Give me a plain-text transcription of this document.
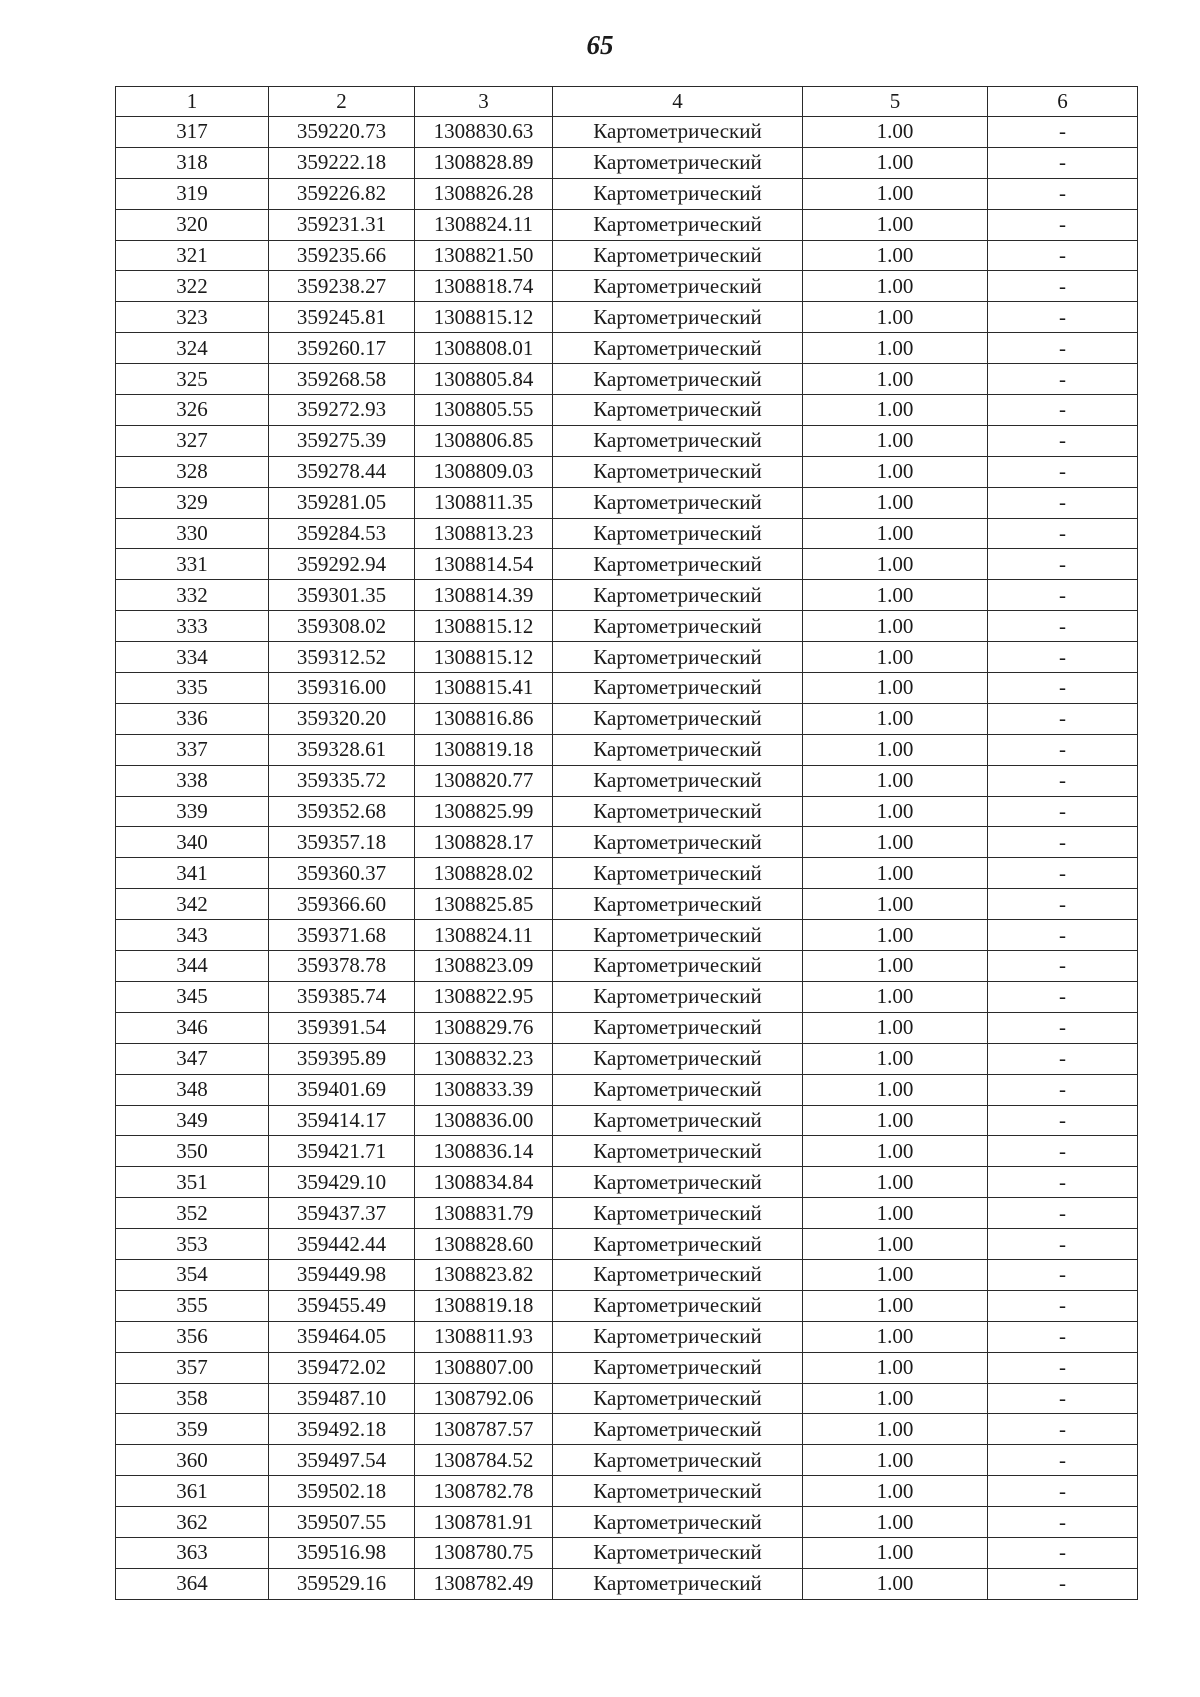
65
1	2	3	4	5	6
317	359220.73	1308830.63	Картометрический	1.00	-
318	359222.18	1308828.89	Картометрический	1.00	-
319	359226.82	1308826.28	Картометрический	1.00	-
320	359231.31	1308824.11	Картометрический	1.00	-
321	359235.66	1308821.50	Картометрический	1.00	-
322	359238.27	1308818.74	Картометрический	1.00	-
323	359245.81	1308815.12	Картометрический	1.00	-
324	359260.17	1308808.01	Картометрический	1.00	-
325	359268.58	1308805.84	Картометрический	1.00	-
326	359272.93	1308805.55	Картометрический	1.00	-
327	359275.39	1308806.85	Картометрический	1.00	-
328	359278.44	1308809.03	Картометрический	1.00	-
329	359281.05	1308811.35	Картометрический	1.00	-
330	359284.53	1308813.23	Картометрический	1.00	-
331	359292.94	1308814.54	Картометрический	1.00	-
332	359301.35	1308814.39	Картометрический	1.00	-
333	359308.02	1308815.12	Картометрический	1.00	-
334	359312.52	1308815.12	Картометрический	1.00	-
335	359316.00	1308815.41	Картометрический	1.00	-
336	359320.20	1308816.86	Картометрический	1.00	-
337	359328.61	1308819.18	Картометрический	1.00	-
338	359335.72	1308820.77	Картометрический	1.00	-
339	359352.68	1308825.99	Картометрический	1.00	-
340	359357.18	1308828.17	Картометрический	1.00	-
341	359360.37	1308828.02	Картометрический	1.00	-
342	359366.60	1308825.85	Картометрический	1.00	-
343	359371.68	1308824.11	Картометрический	1.00	-
344	359378.78	1308823.09	Картометрический	1.00	-
345	359385.74	1308822.95	Картометрический	1.00	-
346	359391.54	1308829.76	Картометрический	1.00	-
347	359395.89	1308832.23	Картометрический	1.00	-
348	359401.69	1308833.39	Картометрический	1.00	-
349	359414.17	1308836.00	Картометрический	1.00	-
350	359421.71	1308836.14	Картометрический	1.00	-
351	359429.10	1308834.84	Картометрический	1.00	-
352	359437.37	1308831.79	Картометрический	1.00	-
353	359442.44	1308828.60	Картометрический	1.00	-
354	359449.98	1308823.82	Картометрический	1.00	-
355	359455.49	1308819.18	Картометрический	1.00	-
356	359464.05	1308811.93	Картометрический	1.00	-
357	359472.02	1308807.00	Картометрический	1.00	-
358	359487.10	1308792.06	Картометрический	1.00	-
359	359492.18	1308787.57	Картометрический	1.00	-
360	359497.54	1308784.52	Картометрический	1.00	-
361	359502.18	1308782.78	Картометрический	1.00	-
362	359507.55	1308781.91	Картометрический	1.00	-
363	359516.98	1308780.75	Картометрический	1.00	-
364	359529.16	1308782.49	Картометрический	1.00	-
